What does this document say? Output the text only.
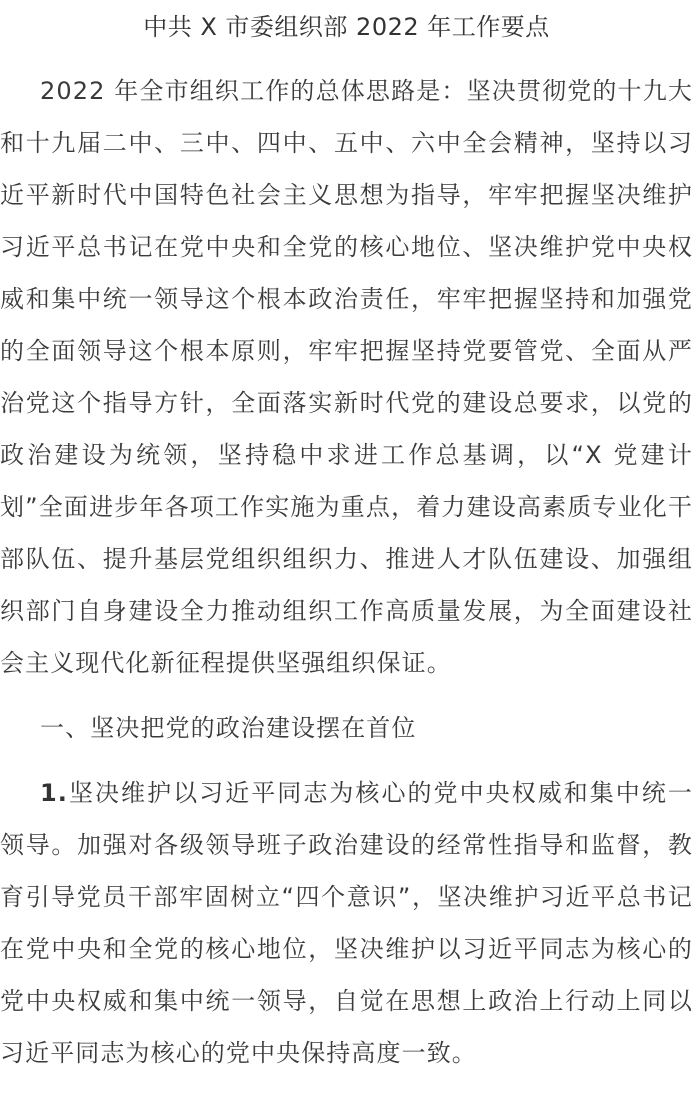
中共 X 市委组织部 2022 年工作要点

2022 年全市组织工作的总体思路是：坚决贯彻党的十九大和十九届二中、三中、四中、五中、六中全会精神，坚持以习近平新时代中国特色社会主义思想为指导，牢牢把握坚决维护习近平总书记在党中央和全党的核心地位、坚决维护党中央权威和集中统一领导这个根本政治责任，牢牢把握坚持和加强党的全面领导这个根本原则，牢牢把握坚持党要管党、全面从严治党这个指导方针，全面落实新时代党的建设总要求，以党的政治建设为统领，坚持稳中求进工作总基调，以“X 党建计划”全面进步年各项工作实施为重点，着力建设高素质专业化干部队伍、提升基层党组织组织力、推进人才队伍建设、加强组织部门自身建设全力推动组织工作高质量发展，为全面建设社会主义现代化新征程提供坚强组织保证。

一、坚决把党的政治建设摆在首位

1.坚决维护以习近平同志为核心的党中央权威和集中统一领导。加强对各级领导班子政治建设的经常性指导和监督，教育引导党员干部牢固树立“四个意识”，坚决维护习近平总书记在党中央和全党的核心地位，坚决维护以习近平同志为核心的党中央权威和集中统一领导，自觉在思想上政治上行动上同以习近平同志为核心的党中央保持高度一致。
